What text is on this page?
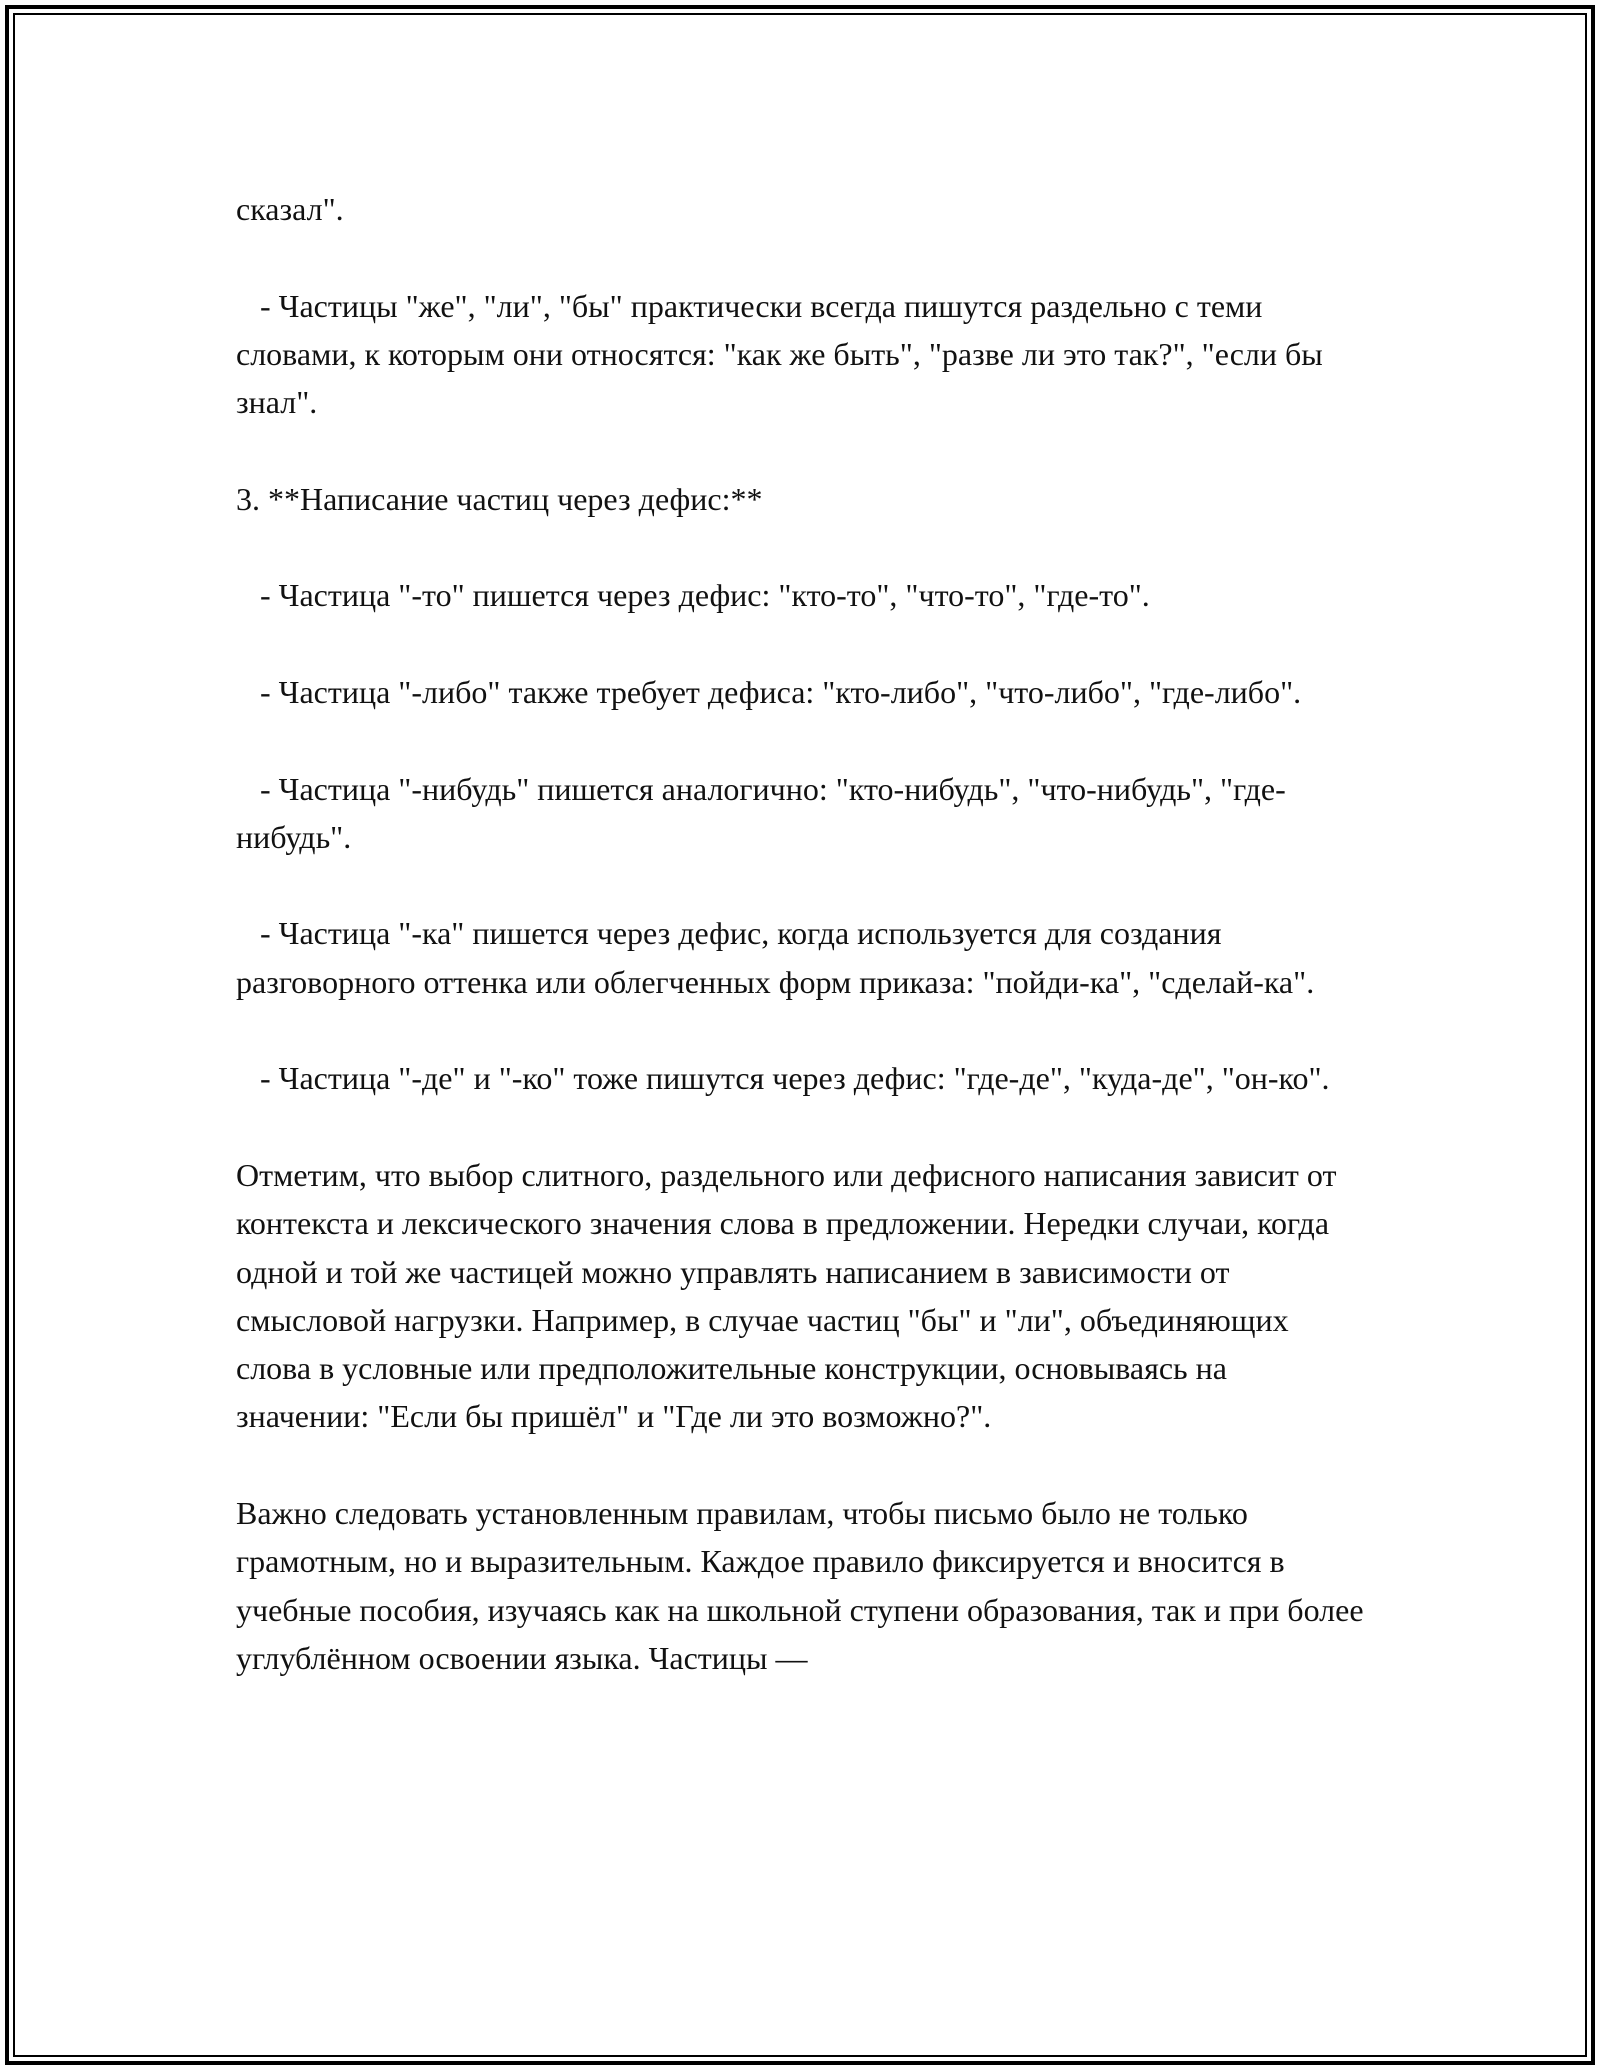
сказал".

- Частицы "же", "ли", "бы" практически всегда пишутся раздельно с теми словами, к которым они относятся: "как же быть", "разве ли это так?", "если бы знал".

3. **Написание частиц через дефис:**

- Частица "-то" пишется через дефис: "кто-то", "что-то", "где-то".

- Частица "-либо" также требует дефиса: "кто-либо", "что-либо", "где-либо".

- Частица "-нибудь" пишется аналогично: "кто-нибудь", "что-нибудь", "где-нибудь".

- Частица "-ка" пишется через дефис, когда используется для создания разговорного оттенка или облегченных форм приказа: "пойди-ка", "сделай-ка".

- Частица "-де" и "-ко" тоже пишутся через дефис: "где-де", "куда-де", "он-ко".

Отметим, что выбор слитного, раздельного или дефисного написания зависит от контекста и лексического значения слова в предложении. Нередки случаи, когда одной и той же частицей можно управлять написанием в зависимости от смысловой нагрузки. Например, в случае частиц "бы" и "ли", объединяющих слова в условные или предположительные конструкции, основываясь на значении: "Если бы пришёл" и "Где ли это возможно?".

Важно следовать установленным правилам, чтобы письмо было не только грамотным, но и выразительным. Каждое правило фиксируется и вносится в учебные пособия, изучаясь как на школьной ступени образования, так и при более углублённом освоении языка. Частицы —
